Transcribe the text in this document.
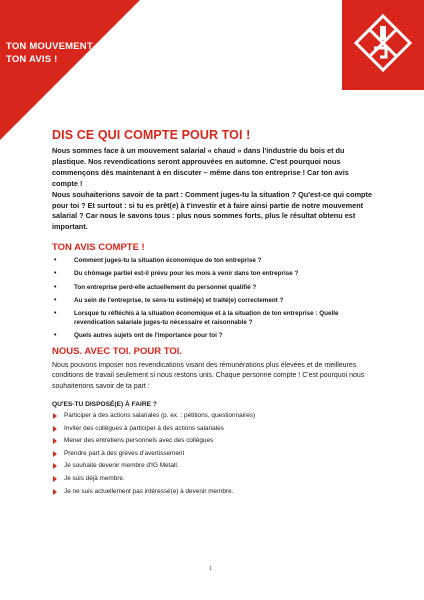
TON MOUVEMENT SALARIAL.
TON AVIS !
DIS CE QUI COMPTE POUR TOI !

Nous sommes face à un mouvement salarial « chaud » dans l'industrie du bois et du plastique. Nos revendications seront approuvées en automne. C'est pourquoi nous commençons dès maintenant à en discuter – même dans ton entreprise ! Car ton avis compte !

Nous souhaiterions savoir de ta part : Comment juges-tu la situation ? Qu'est-ce qui compte pour toi ? Et surtout : si tu es prêt(e) à t'investir et à faire ainsi partie de notre mouvement salarial ? Car nous le savons tous : plus nous sommes forts, plus le résultat obtenu est important.

TON AVIS COMPTE !
•	Comment juges-tu la situation économique de ton entreprise ?
•	Du chômage partiel est-il prévu pour les mois à venir dans ton entreprise ?
•	Ton entreprise perd-elle actuellement du personnel qualifié ?
•	Au sein de l'entreprise, te sens-tu estimé(e) et traité(e) correctement ?
•	Lorsque tu réfléchis à la situation économique et à la situation de ton entreprise : Quelle revendication salariale juges-tu nécessaire et raisonnable ?
•	Quels autres sujets ont de l'importance pour toi ?
NOUS. AVEC TOI. POUR TOI.

Nous pouvons imposer nos revendications visant des rémunérations plus élevées et de meilleures conditions de travail seulement si nous restons unis. Chaque personne compte ! C'est pourquoi nous souhaiterions savoir de ta part :

QU'ES-TU DISPOSÉ(E) À FAIRE ?
Participer à des actions salariales (p. ex. : pétitions, questionnaires)
Inviter des collègues à participer à des actions salariales
Mener des entretiens personnels avec des collègues
Prendre part à des grèves d'avertissement
Je souhaite devenir membre d'IG Metall.
Je suis déjà membre.
Je ne suis actuellement pas intéressé(e) à devenir membre.
1
